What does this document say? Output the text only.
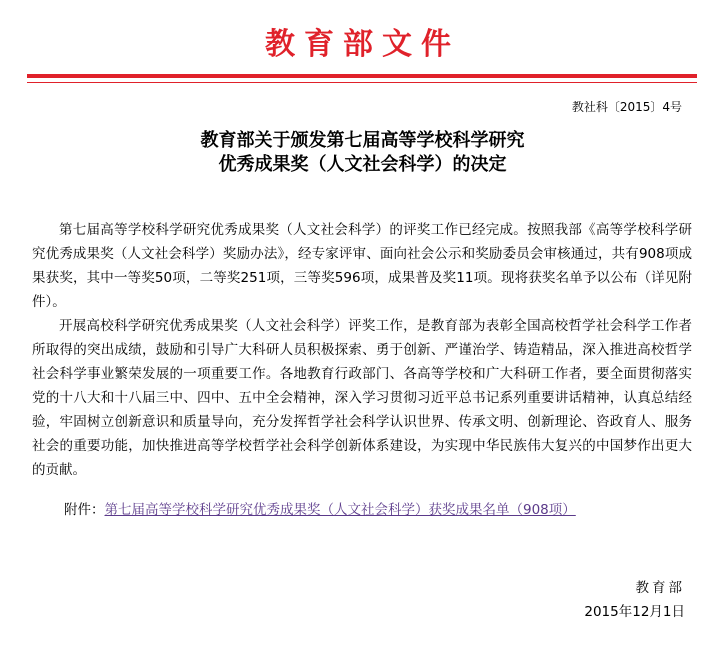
教育部文件
教社科〔2015〕4号
教育部关于颁发第七届高等学校科学研究
优秀成果奖（人文社会科学）的决定

第七届高等学校科学研究优秀成果奖（人文社会科学）的评奖工作已经完成。按照我部《高等学校科学研究优秀成果奖（人文社会科学）奖励办法》，经专家评审、面向社会公示和奖励委员会审核通过，共有908项成果获奖，其中一等奖50项，二等奖251项，三等奖596项，成果普及奖11项。现将获奖名单予以公布（详见附件）。

开展高校科学研究优秀成果奖（人文社会科学）评奖工作，是教育部为表彰全国高校哲学社会科学工作者所取得的突出成绩，鼓励和引导广大科研人员积极探索、勇于创新、严谨治学、铸造精品，深入推进高校哲学社会科学事业繁荣发展的一项重要工作。各地教育行政部门、各高等学校和广大科研工作者，要全面贯彻落实党的十八大和十八届三中、四中、五中全会精神，深入学习贯彻习近平总书记系列重要讲话精神，认真总结经验，牢固树立创新意识和质量导向，充分发挥哲学社会科学认识世界、传承文明、创新理论、咨政育人、服务社会的重要功能，加快推进高等学校哲学社会科学创新体系建设，为实现中华民族伟大复兴的中国梦作出更大的贡献。

附件：第七届高等学校科学研究优秀成果奖（人文社会科学）获奖成果名单（908项）
教育部
2015年12月1日
